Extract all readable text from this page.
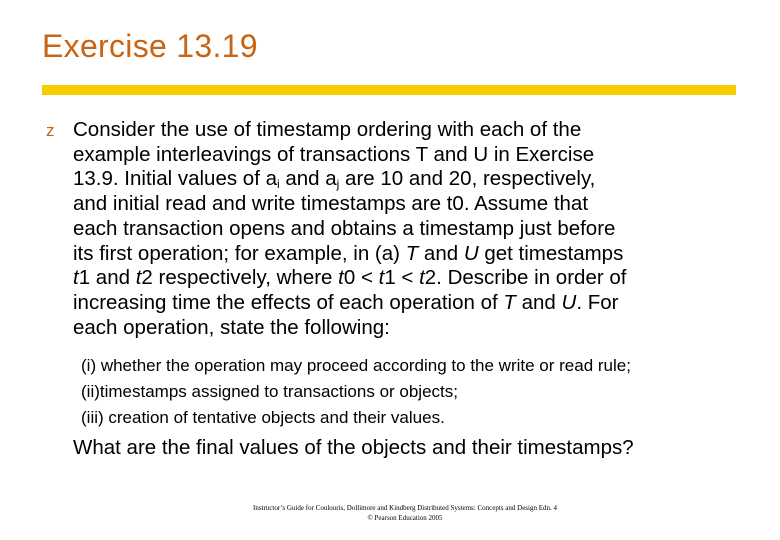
Exercise 13.19
z Consider the use of timestamp ordering with each of the
example interleavings of transactions T and U in Exercise
13.9. Initial values of $a_i$ and $a_j$ are 10 and 20, respectively,
and initial read and write timestamps are t0. Assume that
each transaction opens and obtains a timestamp just before
its first operation; for example, in (a) T and U get timestamps
t1 and t2 respectively, where t0 < t1 < t2. Describe in order of
increasing time the effects of each operation of T and U. For
each operation, state the following:
(i) whether the operation may proceed according to the write or read rule;
(ii)timestamps assigned to transactions or objects;
(iii) creation of tentative objects and their values.
What are the final values of the objects and their timestamps?
Instructor’s Guide for Coulouris, Dollimore and Kindberg Distributed Systems: Concepts and Design Edn. 4
© Pearson Education 2005
